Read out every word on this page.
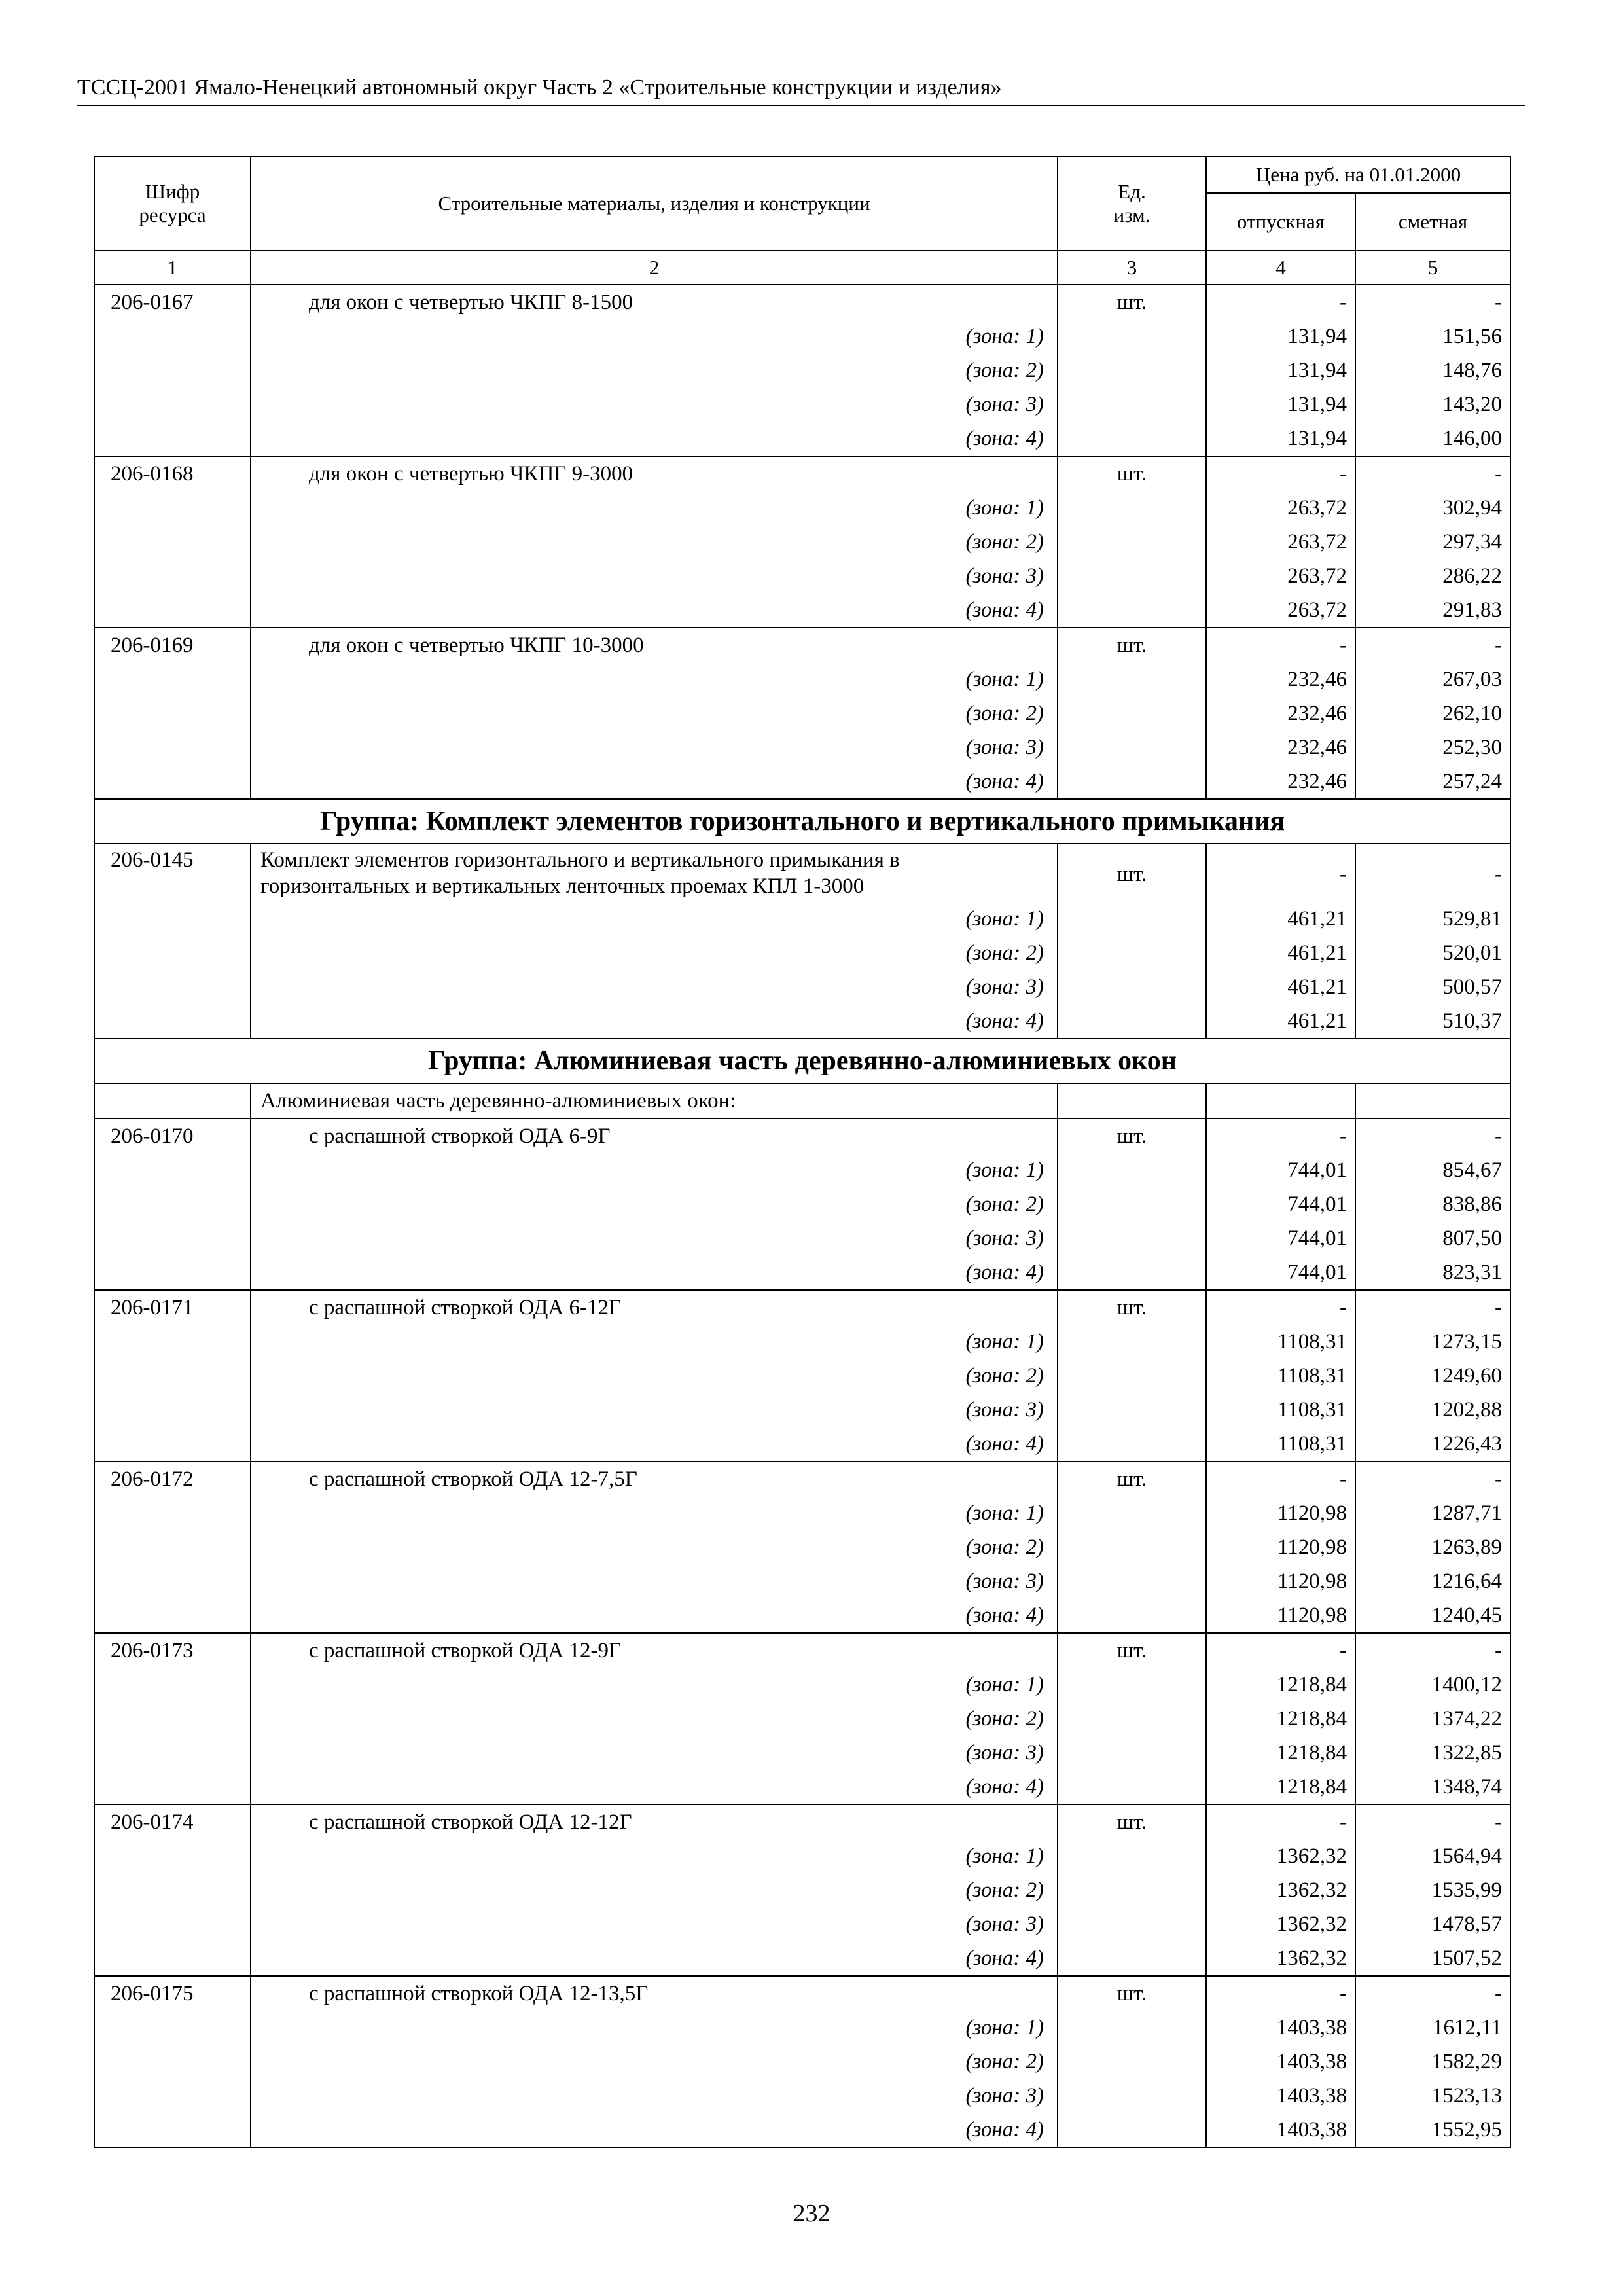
ТССЦ-2001 Ямало-Ненецкий автономный округ Часть 2 «Строительные конструкции и изделия»
Шифр ресурса	Строительные материалы, изделия и конструкции	Ед. изм.	Цена руб. на 01.01.2000	
			отпускная	сметная
1	2	3	4	5
206-0167	для окон с четвертью ЧКПГ 8-1500	шт.	-	-
	(зона: 1)		131,94	151,56
	(зона: 2)		131,94	148,76
	(зона: 3)		131,94	143,20
	(зона: 4)		131,94	146,00
206-0168	для окон с четвертью ЧКПГ 9-3000	шт.	-	-
	(зона: 1)		263,72	302,94
	(зона: 2)		263,72	297,34
	(зона: 3)		263,72	286,22
	(зона: 4)		263,72	291,83
206-0169	для окон с четвертью ЧКПГ 10-3000	шт.	-	-
	(зона: 1)		232,46	267,03
	(зона: 2)		232,46	262,10
	(зона: 3)		232,46	252,30
	(зона: 4)		232,46	257,24
Группа: Комплект элементов горизонтального и вертикального примыкания				
206-0145	Комплект элементов горизонтального и вертикального примыкания в горизонтальных и вертикальных ленточных проемах КПЛ 1-3000	шт.	-	-
	(зона: 1)		461,21	529,81
	(зона: 2)		461,21	520,01
	(зона: 3)		461,21	500,57
	(зона: 4)		461,21	510,37
Группа: Алюминиевая часть деревянно-алюминиевых окон				
	Алюминиевая часть деревянно-алюминиевых окон:			
206-0170	с распашной створкой ОДА 6-9Г	шт.	-	-
	(зона: 1)		744,01	854,67
	(зона: 2)		744,01	838,86
	(зона: 3)		744,01	807,50
	(зона: 4)		744,01	823,31
206-0171	с распашной створкой ОДА 6-12Г	шт.	-	-
	(зона: 1)		1108,31	1273,15
	(зона: 2)		1108,31	1249,60
	(зона: 3)		1108,31	1202,88
	(зона: 4)		1108,31	1226,43
206-0172	с распашной створкой ОДА 12-7,5Г	шт.	-	-
	(зона: 1)		1120,98	1287,71
	(зона: 2)		1120,98	1263,89
	(зона: 3)		1120,98	1216,64
	(зона: 4)		1120,98	1240,45
206-0173	с распашной створкой ОДА 12-9Г	шт.	-	-
	(зона: 1)		1218,84	1400,12
	(зона: 2)		1218,84	1374,22
	(зона: 3)		1218,84	1322,85
	(зона: 4)		1218,84	1348,74
206-0174	с распашной створкой ОДА 12-12Г	шт.	-	-
	(зона: 1)		1362,32	1564,94
	(зона: 2)		1362,32	1535,99
	(зона: 3)		1362,32	1478,57
	(зона: 4)		1362,32	1507,52
206-0175	с распашной створкой ОДА 12-13,5Г	шт.	-	-
	(зона: 1)		1403,38	1612,11
	(зона: 2)		1403,38	1582,29
	(зона: 3)		1403,38	1523,13
	(зона: 4)		1403,38	1552,95
232
